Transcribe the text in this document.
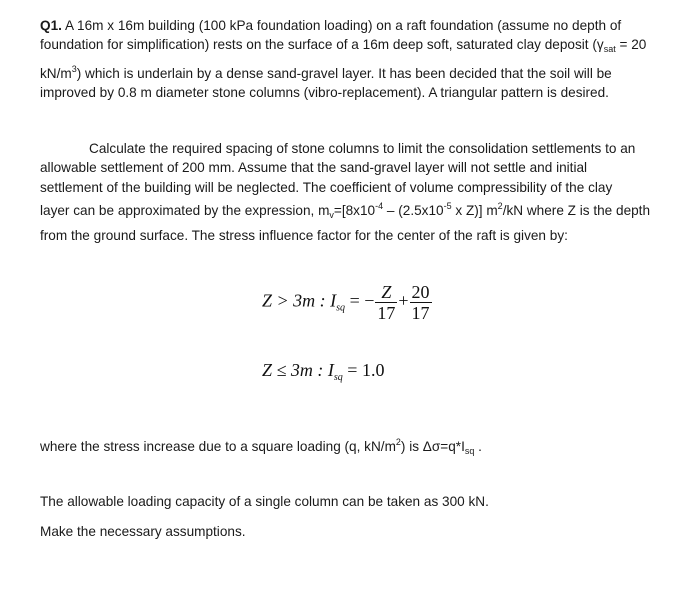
Q1. A 16m x 16m building (100 kPa foundation loading) on a raft foundation (assume no depth of
foundation for simplification) rests on the surface of a 16m deep soft, saturated clay deposit ($\gamma_{sat} = 20$
$kN/m^3$) which is underlain by a dense sand-gravel layer. It has been decided that the soil will be
improved by 0.8 m diameter stone columns (vibro-replacement). A triangular pattern is desired.
Calculate the required spacing of stone columns to limit the consolidation settlements to an
allowable settlement of 200 mm. Assume that the sand-gravel layer will not settle and initial
settlement of the building will be neglected. The coefficient of volume compressibility of the clay
layer can be approximated by the expression, $m_v=[8x10^{-4} - (2.5x10^{-5}$ x Z)] $m^2/kN$ where Z is the depth
from the ground surface. The stress influence factor for the center of the raft is given by:
Z > 3m : $I_{sq}$ = − $\frac{Z}{17} + \frac{20}{17}$
Z ≤ 3m : $I_{sq} = 1.0$
where the stress increase due to a square loading (q, $kN/m^2$) is $\Delta\sigma=q*I_{sq}$ .
The allowable loading capacity of a single column can be taken as 300 kN.
Make the necessary assumptions.
